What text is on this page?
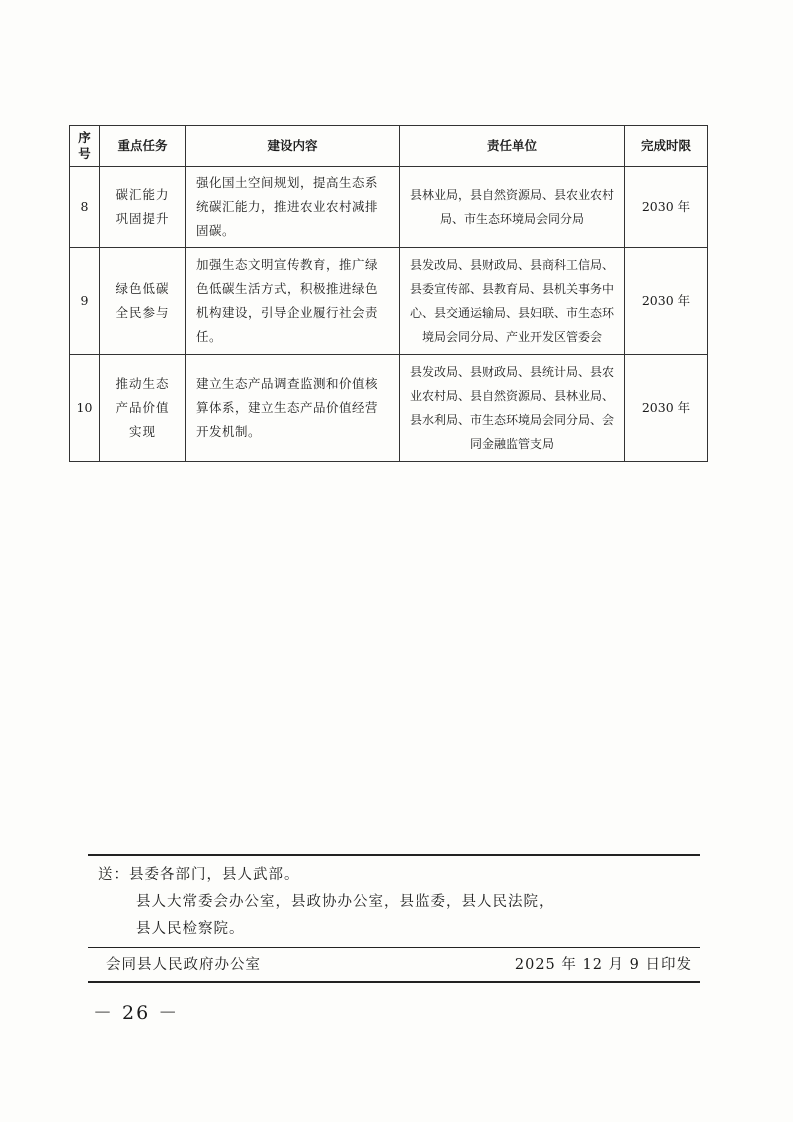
序号	重点任务	建设内容	责任单位	完成时限
8	碳汇能力巩固提升	强化国土空间规划，提高生态系统碳汇能力，推进农业农村减排固碳。	县林业局，县自然资源局、县农业农村局、市生态环境局会同分局	2030 年
9	绿色低碳全民参与	加强生态文明宣传教育，推广绿色低碳生活方式，积极推进绿色机构建设，引导企业履行社会责任。	县发改局、县财政局、县商科工信局、县委宣传部、县教育局、县机关事务中心、县交通运输局、县妇联、市生态环境局会同分局、产业开发区管委会	2030 年
10	推动生态产品价值实现	建立生态产品调查监测和价值核算体系，建立生态产品价值经营开发机制。	县发改局、县财政局、县统计局、县农业农村局、县自然资源局、县林业局、县水利局、市生态环境局会同分局、会同金融监管支局	2030 年
送：县委各部门，县人武部。
县人大常委会办公室，县政协办公室，县监委，县人民法院，
县人民检察院。
会同县人民政府办公室	2025 年 12 月 9 日印发
－ 26 －
